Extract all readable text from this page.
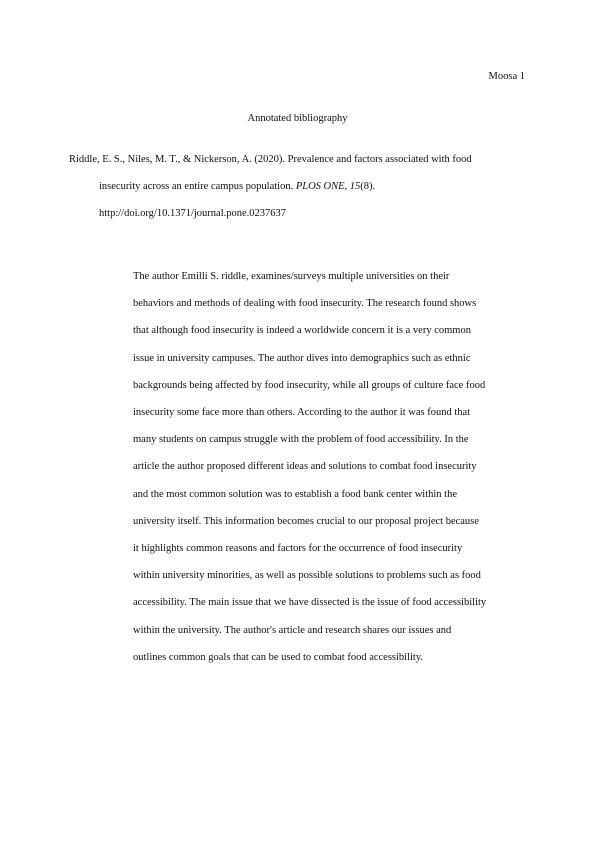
Moosa 1
Annotated bibliography
Riddle, E. S., Niles, M. T., & Nickerson, A. (2020). Prevalence and factors associated with food
insecurity across an entire campus population. PLOS ONE, 15(8).
http://doi.org/10.1371/journal.pone.0237637
The author Emilli S. riddle, examines/surveys multiple universities on their
behaviors and methods of dealing with food insecurity. The research found shows
that although food insecurity is indeed a worldwide concern it is a very common
issue in university campuses. The author dives into demographics such as ethnic
backgrounds being affected by food insecurity, while all groups of culture face food
insecurity some face more than others. According to the author it was found that
many students on campus struggle with the problem of food accessibility. In the
article the author proposed different ideas and solutions to combat food insecurity
and the most common solution was to establish a food bank center within the
university itself. This information becomes crucial to our proposal project because
it highlights common reasons and factors for the occurrence of food insecurity
within university minorities, as well as possible solutions to problems such as food
accessibility. The main issue that we have dissected is the issue of food accessibility
within the university. The author's article and research shares our issues and
outlines common goals that can be used to combat food accessibility.
